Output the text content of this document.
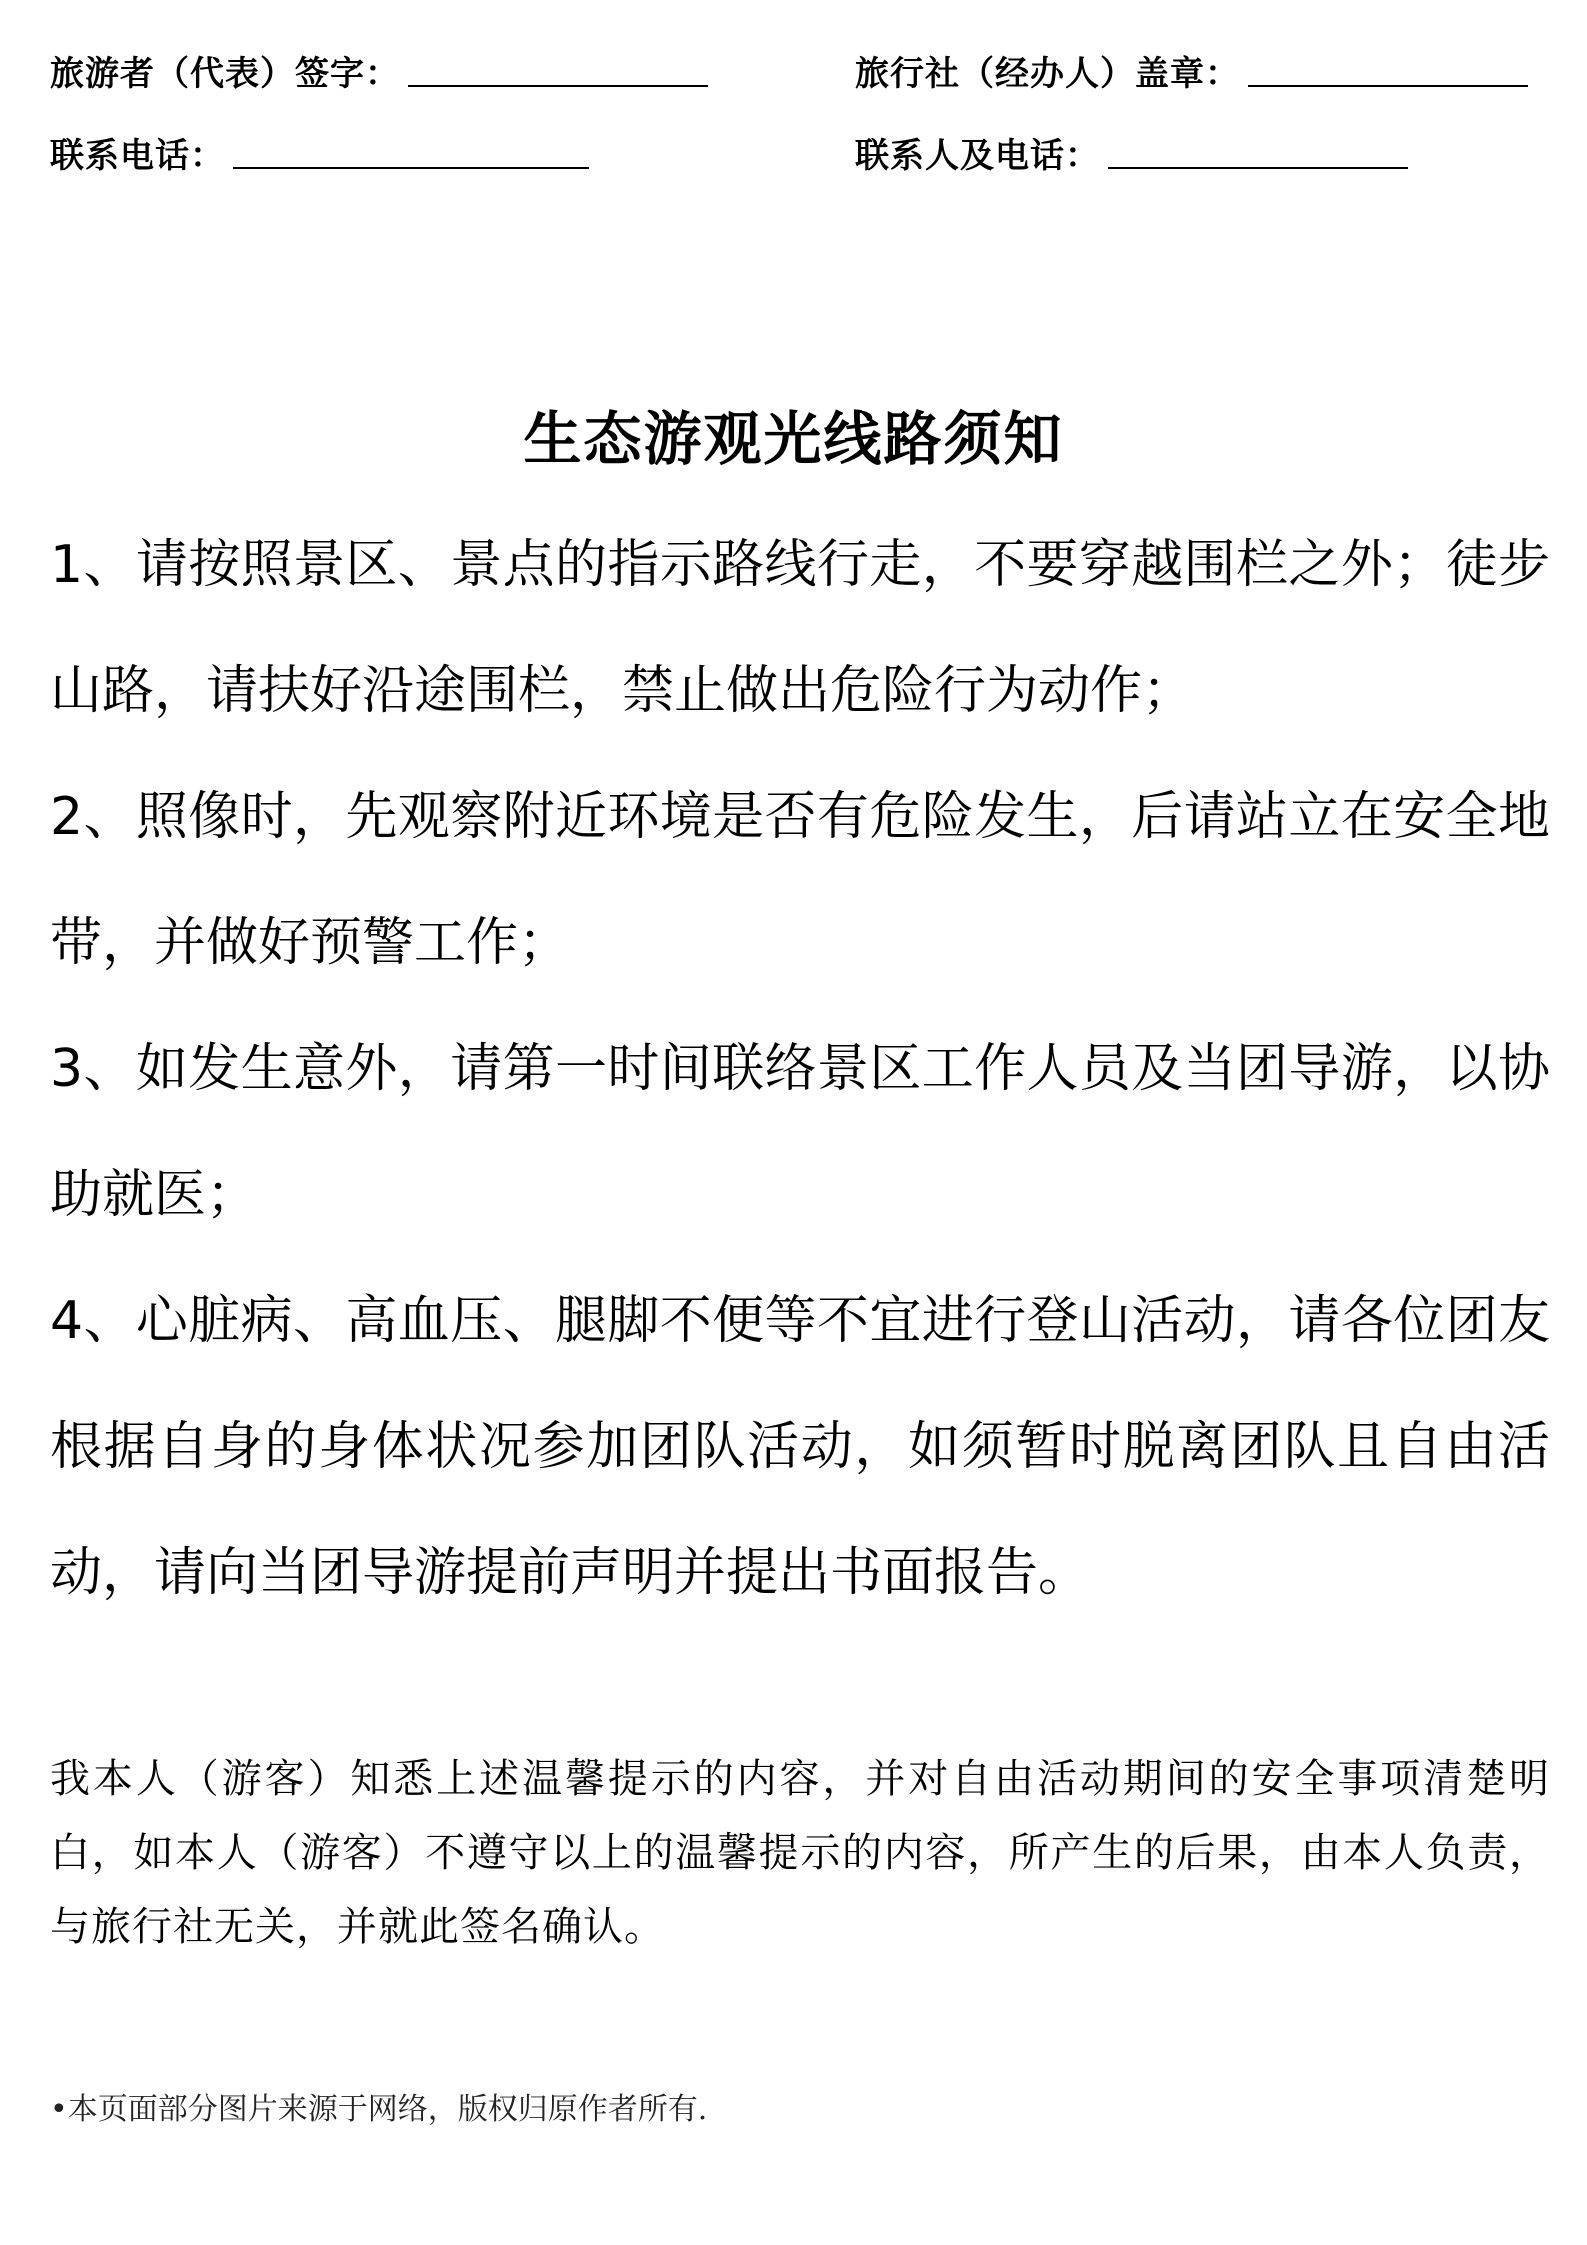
旅游者（代表）签字：	旅行社（经办人）盖章：
联系电话：	联系人及电话：
生态游观光线路须知
1、请按照景区、景点的指示路线行走，不要穿越围栏之外；徒步山路，请扶好沿途围栏，禁止做出危险行为动作；
2、照像时，先观察附近环境是否有危险发生，后请站立在安全地带，并做好预警工作；
3、如发生意外，请第一时间联络景区工作人员及当团导游，以协助就医；
4、心脏病、高血压、腿脚不便等不宜进行登山活动，请各位团友根据自身的身体状况参加团队活动，如须暂时脱离团队且自由活动，请向当团导游提前声明并提出书面报告。
我本人（游客）知悉上述温馨提示的内容，并对自由活动期间的安全事项清楚明白，如本人（游客）不遵守以上的温馨提示的内容，所产生的后果，由本人负责，与旅行社无关，并就此签名确认。
•本页面部分图片来源于网络，版权归原作者所有.
